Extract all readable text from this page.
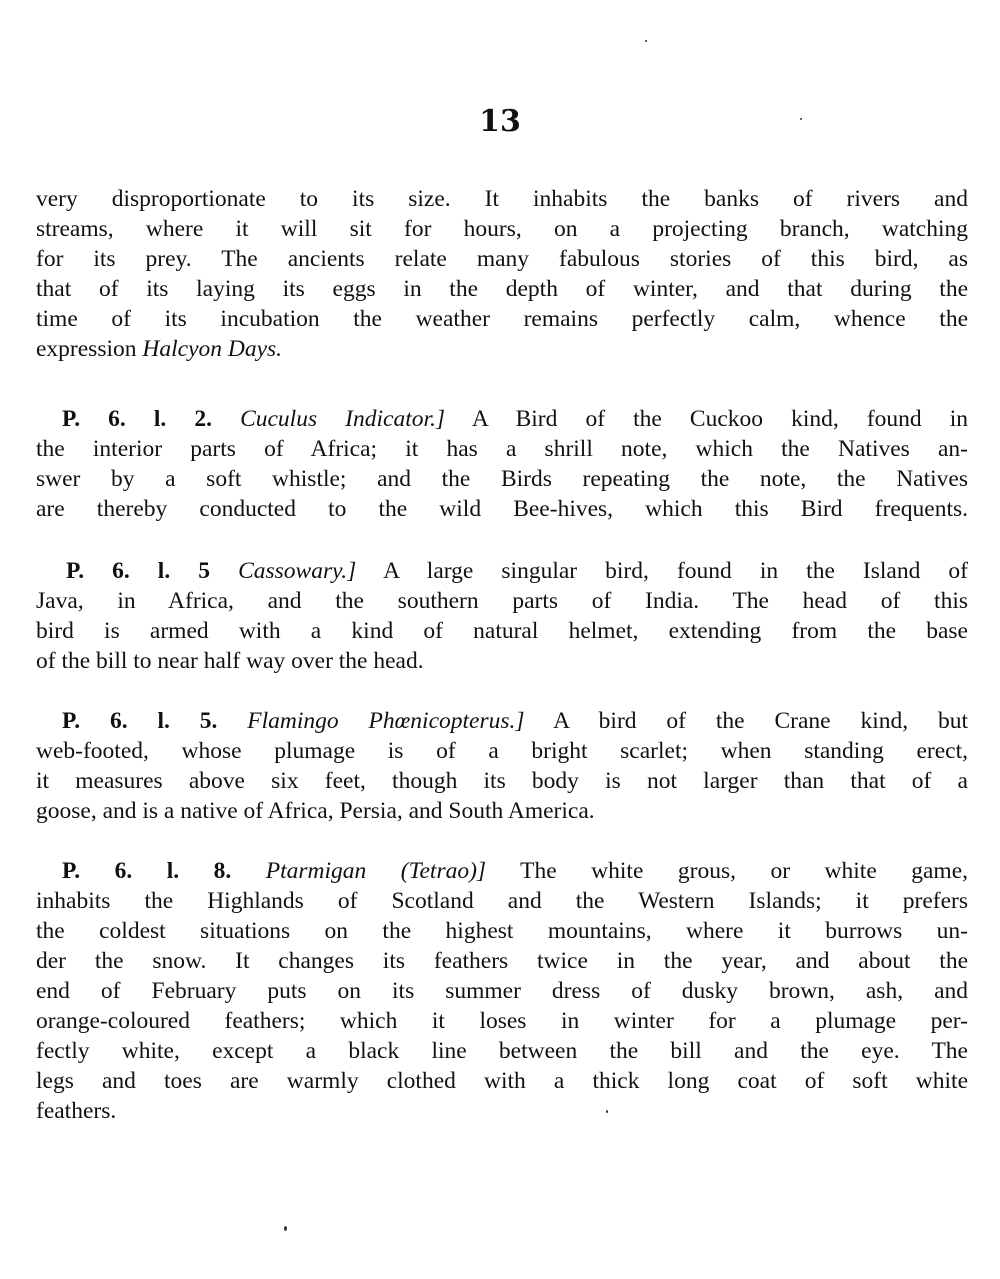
13
very disproportionate to its size. It inhabits the banks of rivers and
streams, where it will sit for hours, on a projecting branch, watching
for its prey. The ancients relate many fabulous stories of this bird, as
that of its laying its eggs in the depth of winter, and that during the
time of its incubation the weather remains perfectly calm, whence the
expression Halcyon Days.
P. 6. l. 2. Cuculus Indicator.] A Bird of the Cuckoo kind, found in
the interior parts of Africa; it has a shrill note, which the Natives an-
swer by a soft whistle; and the Birds repeating the note, the Natives
are thereby conducted to the wild Bee-hives, which this Bird frequents.
P. 6. l. 5 Cassowary.] A large singular bird, found in the Island of
Java, in Africa, and the southern parts of India. The head of this
bird is armed with a kind of natural helmet, extending from the base
of the bill to near half way over the head.
P. 6. l. 5. Flamingo Phœnicopterus.] A bird of the Crane kind, but
web-footed, whose plumage is of a bright scarlet; when standing erect,
it measures above six feet, though its body is not larger than that of a
goose, and is a native of Africa, Persia, and South America.
P. 6. l. 8. Ptarmigan (Tetrao)] The white grous, or white game,
inhabits the Highlands of Scotland and the Western Islands; it prefers
the coldest situations on the highest mountains, where it burrows un-
der the snow. It changes its feathers twice in the year, and about the
end of February puts on its summer dress of dusky brown, ash, and
orange-coloured feathers; which it loses in winter for a plumage per-
fectly white, except a black line between the bill and the eye. The
legs and toes are warmly clothed with a thick long coat of soft white
feathers.
